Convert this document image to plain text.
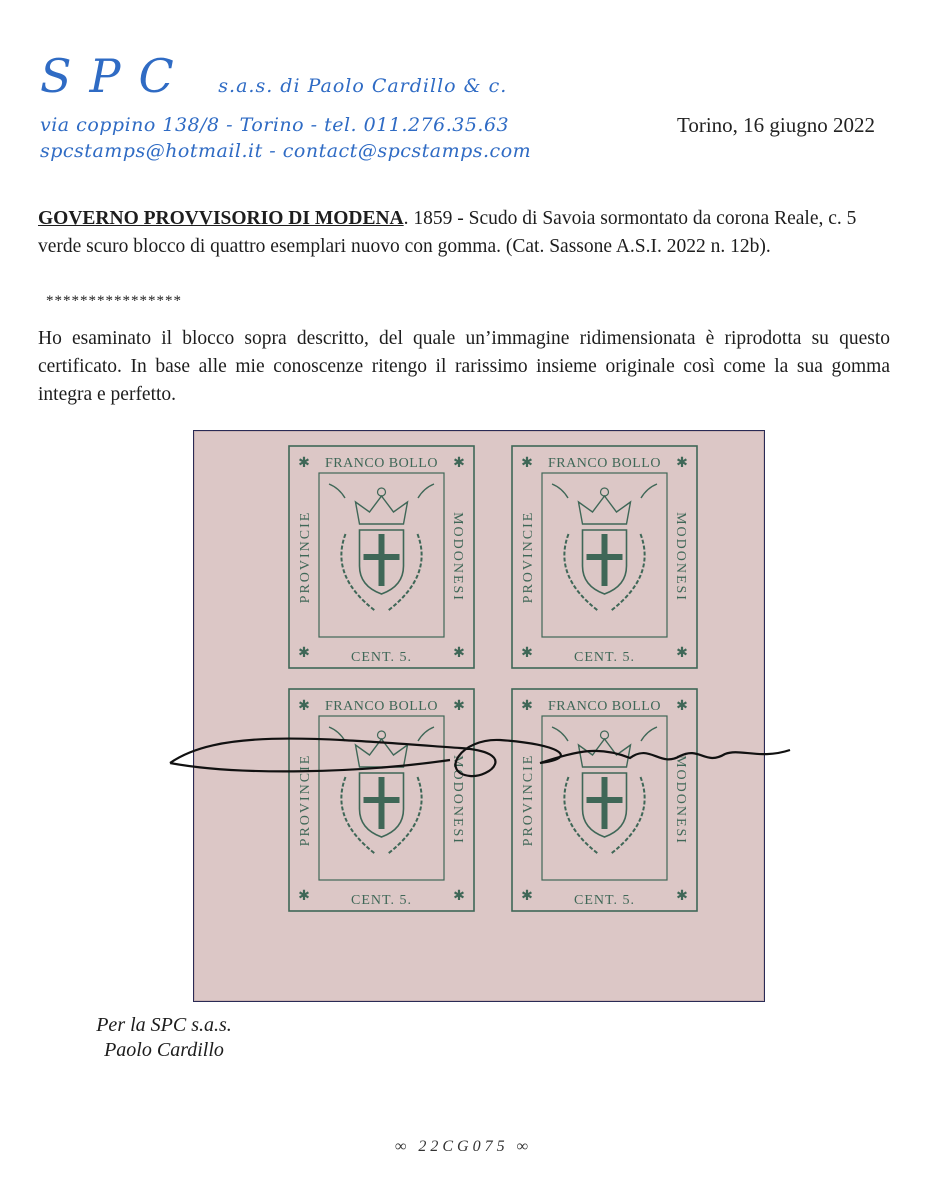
SPC s.a.s. di Paolo Cardillo & c.
via coppino 138/8 - Torino - tel. 011.276.35.63
spcstamps@hotmail.it - contact@spcstamps.com
Torino, 16 giugno 2022
GOVERNO PROVVISORIO DI MODENA. 1859 - Scudo di Savoia sormontato da corona Reale, c. 5 verde scuro blocco di quattro esemplari nuovo con gomma. (Cat. Sassone A.S.I. 2022 n. 12b).
****************
Ho esaminato il blocco sopra descritto, del quale un’immagine ridimensionata è riprodotta su questo certificato. In base alle mie conoscenze ritengo il rarissimo insieme originale così come la sua gomma integra e perfetto.
✱	✱
✱	✱
FRANCO BOLLO
CENT. 5.
PROVINCIE	MODONESI
✱	✱
✱	✱
FRANCO BOLLO
CENT. 5.
PROVINCIE	MODONESI
✱	✱
✱	✱
FRANCO BOLLO
CENT. 5.
PROVINCIE	MODONESI
✱	✱
✱	✱
FRANCO BOLLO
CENT. 5.
PROVINCIE	MODONESI
Per la SPC s.a.s.
Paolo Cardillo
∞ 22CG075 ∞
